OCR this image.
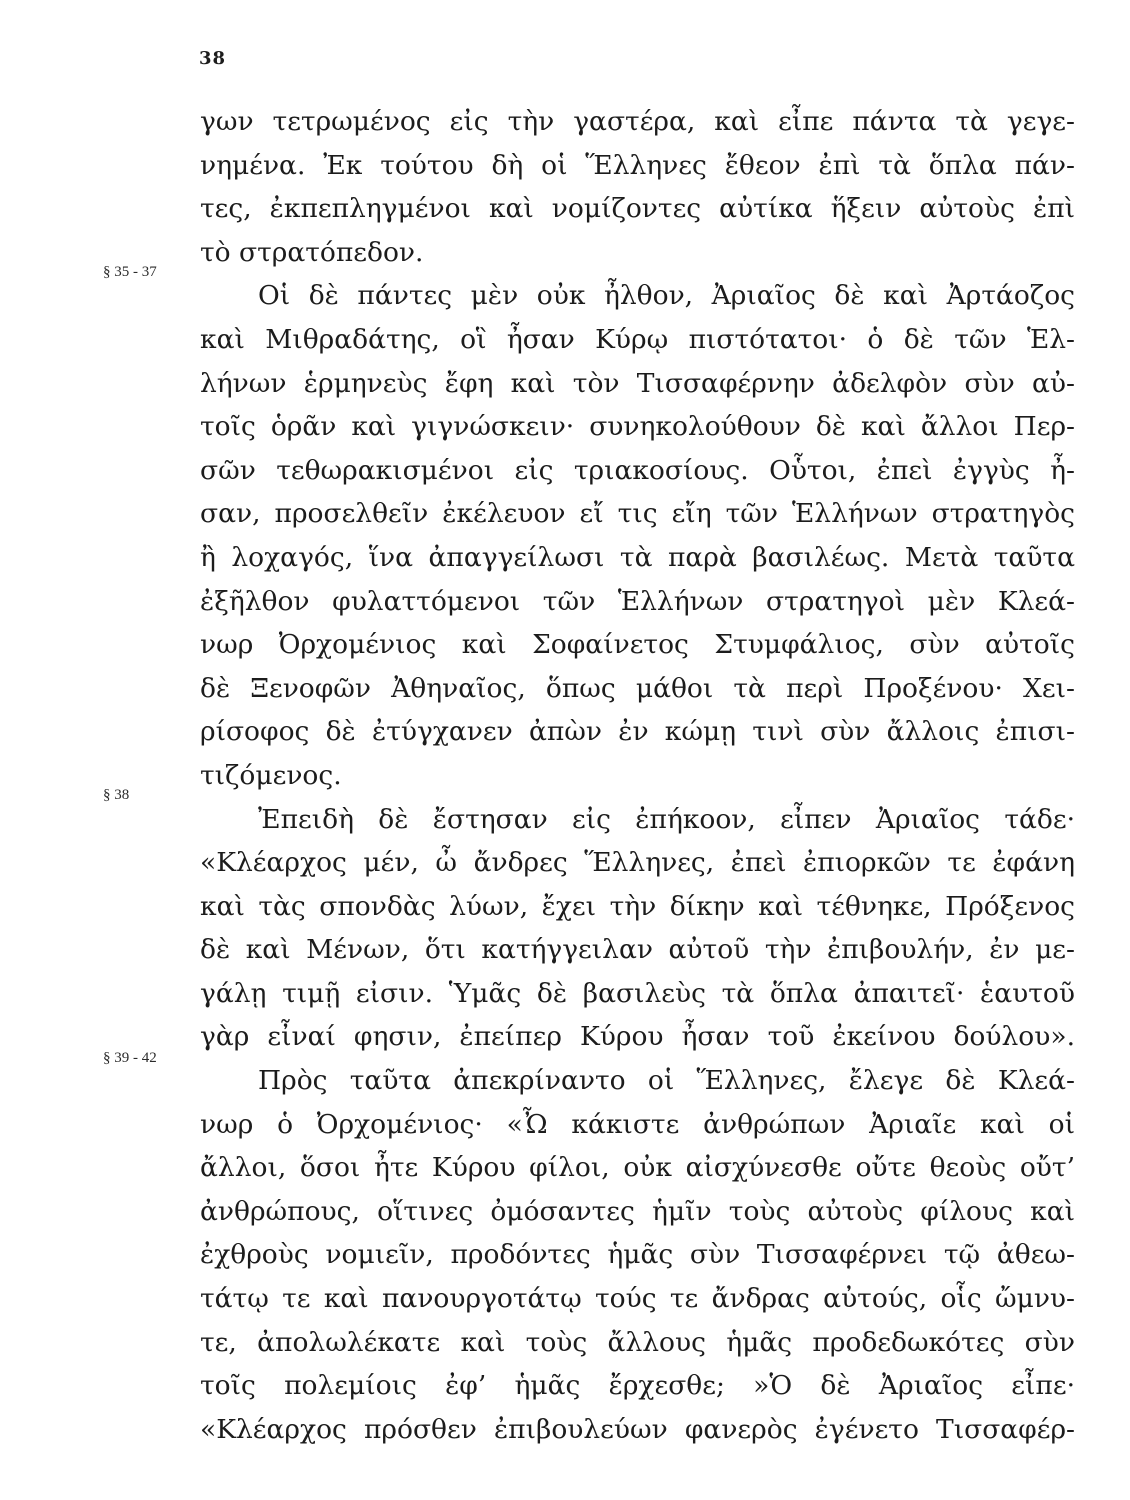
38
§ 35 - 37
§ 38
§ 39 - 42
γων τετρωμένος εἰς τὴν γαστέρα, καὶ εἶπε πάντα τὰ γεγε-
νημένα. Ἐκ τούτου δὴ οἱ Ἕλληνες ἔθεον ἐπὶ τὰ ὅπλα πάν-
τες, ἐκπεπληγμένοι καὶ νομίζοντες αὐτίκα ἥξειν αὐτοὺς ἐπὶ
τὸ στρατόπεδον.
Οἱ δὲ πάντες μὲν οὐκ ἦλθον, Ἀριαῖος δὲ καὶ Ἀρτάοζος
καὶ Μιθραδάτης, οἳ ἦσαν Κύρῳ πιστότατοι· ὁ δὲ τῶν Ἑλ-
λήνων ἑρμηνεὺς ἔφη καὶ τὸν Τισσαφέρνην ἀδελφὸν σὺν αὐ-
τοῖς ὁρᾶν καὶ γιγνώσκειν· συνηκολούθουν δὲ καὶ ἄλλοι Περ-
σῶν τεθωρακισμένοι εἰς τριακοσίους. Οὗτοι, ἐπεὶ ἐγγὺς ἦ-
σαν, προσελθεῖν ἐκέλευον εἴ τις εἴη τῶν Ἑλλήνων στρατηγὸς
ἢ λοχαγός, ἵνα ἀπαγγείλωσι τὰ παρὰ βασιλέως. Μετὰ ταῦτα
ἐξῆλθον φυλαττόμενοι τῶν Ἑλλήνων στρατηγοὶ μὲν Κλεά-
νωρ Ὀρχομένιος καὶ Σοφαίνετος Στυμφάλιος, σὺν αὐτοῖς
δὲ Ξενοφῶν Ἀθηναῖος, ὅπως μάθοι τὰ περὶ Προξένου· Χει-
ρίσοφος δὲ ἐτύγχανεν ἀπὼν ἐν κώμῃ τινὶ σὺν ἄλλοις ἐπισι-
τιζόμενος.
Ἐπειδὴ δὲ ἔστησαν εἰς ἐπήκοον, εἶπεν Ἀριαῖος τάδε·
«Κλέαρχος μέν, ὦ ἄνδρες Ἕλληνες, ἐπεὶ ἐπιορκῶν τε ἐφάνη
καὶ τὰς σπονδὰς λύων, ἔχει τὴν δίκην καὶ τέθνηκε, Πρόξενος
δὲ καὶ Μένων, ὅτι κατήγγειλαν αὐτοῦ τὴν ἐπιβουλήν, ἐν με-
γάλῃ τιμῇ εἰσιν. Ὑμᾶς δὲ βασιλεὺς τὰ ὅπλα ἀπαιτεῖ· ἑαυτοῦ
γὰρ εἶναί φησιν, ἐπείπερ Κύρου ἦσαν τοῦ ἐκείνου δούλου».
Πρὸς ταῦτα ἀπεκρίναντο οἱ Ἕλληνες, ἔλεγε δὲ Κλεά-
νωρ ὁ Ὀρχομένιος· «Ὦ κάκιστε ἀνθρώπων Ἀριαῖε καὶ οἱ
ἄλλοι, ὅσοι ἦτε Κύρου φίλοι, οὐκ αἰσχύνεσθε οὔτε θεοὺς οὔτ’
ἀνθρώπους, οἵτινες ὀμόσαντες ἡμῖν τοὺς αὐτοὺς φίλους καὶ
ἐχθροὺς νομιεῖν, προδόντες ἡμᾶς σὺν Τισσαφέρνει τῷ ἀθεω-
τάτῳ τε καὶ πανουργοτάτῳ τούς τε ἄνδρας αὐτούς, οἷς ὤμνυ-
τε, ἀπολωλέκατε καὶ τοὺς ἄλλους ἡμᾶς προδεδωκότες σὺν
τοῖς πολεμίοις ἐφ’ ἡμᾶς ἔρχεσθε; »Ὁ δὲ Ἀριαῖος εἶπε·
«Κλέαρχος πρόσθεν ἐπιβουλεύων φανερὸς ἐγένετο Τισσαφέρ-
